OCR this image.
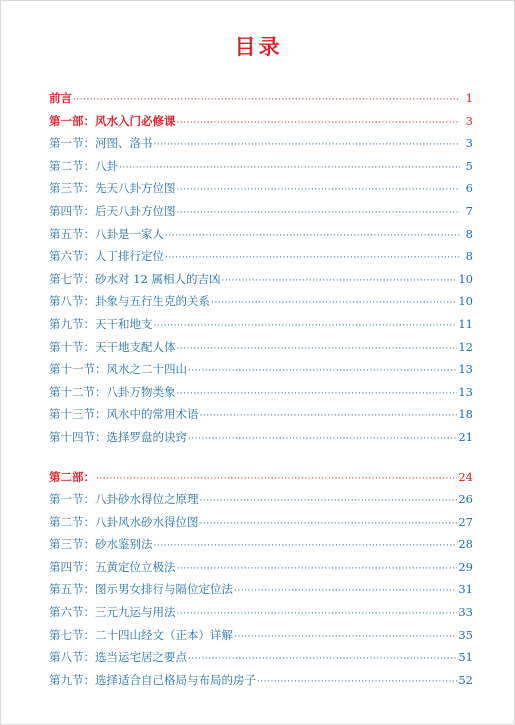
目录
前言 ·····	1
第一部：风水入门必修课 ·····	3
第一节：河图、洛书 ·····	3
第二节：八卦 ·····	5
第三节：先天八卦方位图 ·····	6
第四节：后天八卦方位图 ·····	7
第五节：八卦是一家人 ·····	8
第六节：人丁排行定位 ·····	8
第七节：砂水对 12 属相人的吉凶 ·····	10
第八节：卦象与五行生克的关系 ·····	10
第九节：天干和地支 ·····	11
第十节：天干地支配人体 ·····	12
第十一节：风水之二十四山 ·····	13
第十二节：八卦万物类象 ·····	13
第十三节：风水中的常用术语 ·····	18
第十四节：选择罗盘的诀窍 ·····	21
第二部： ·····	24
第一节：八卦砂水得位之原理 ·····	26
第二节：八卦风水砂水得位图 ·····	27
第三节：砂水鉴别法 ·····	28
第四节：五黄定位立极法 ·····	29
第五节：图示男女排行与隔位定位法 ·····	31
第六节：三元九运与用法 ·····	33
第七节：二十四山经文（正本）详解 ·····	35
第八节：选当运宅居之要点 ·····	51
第九节：选择适合自己格局与布局的房子 ·····	52
